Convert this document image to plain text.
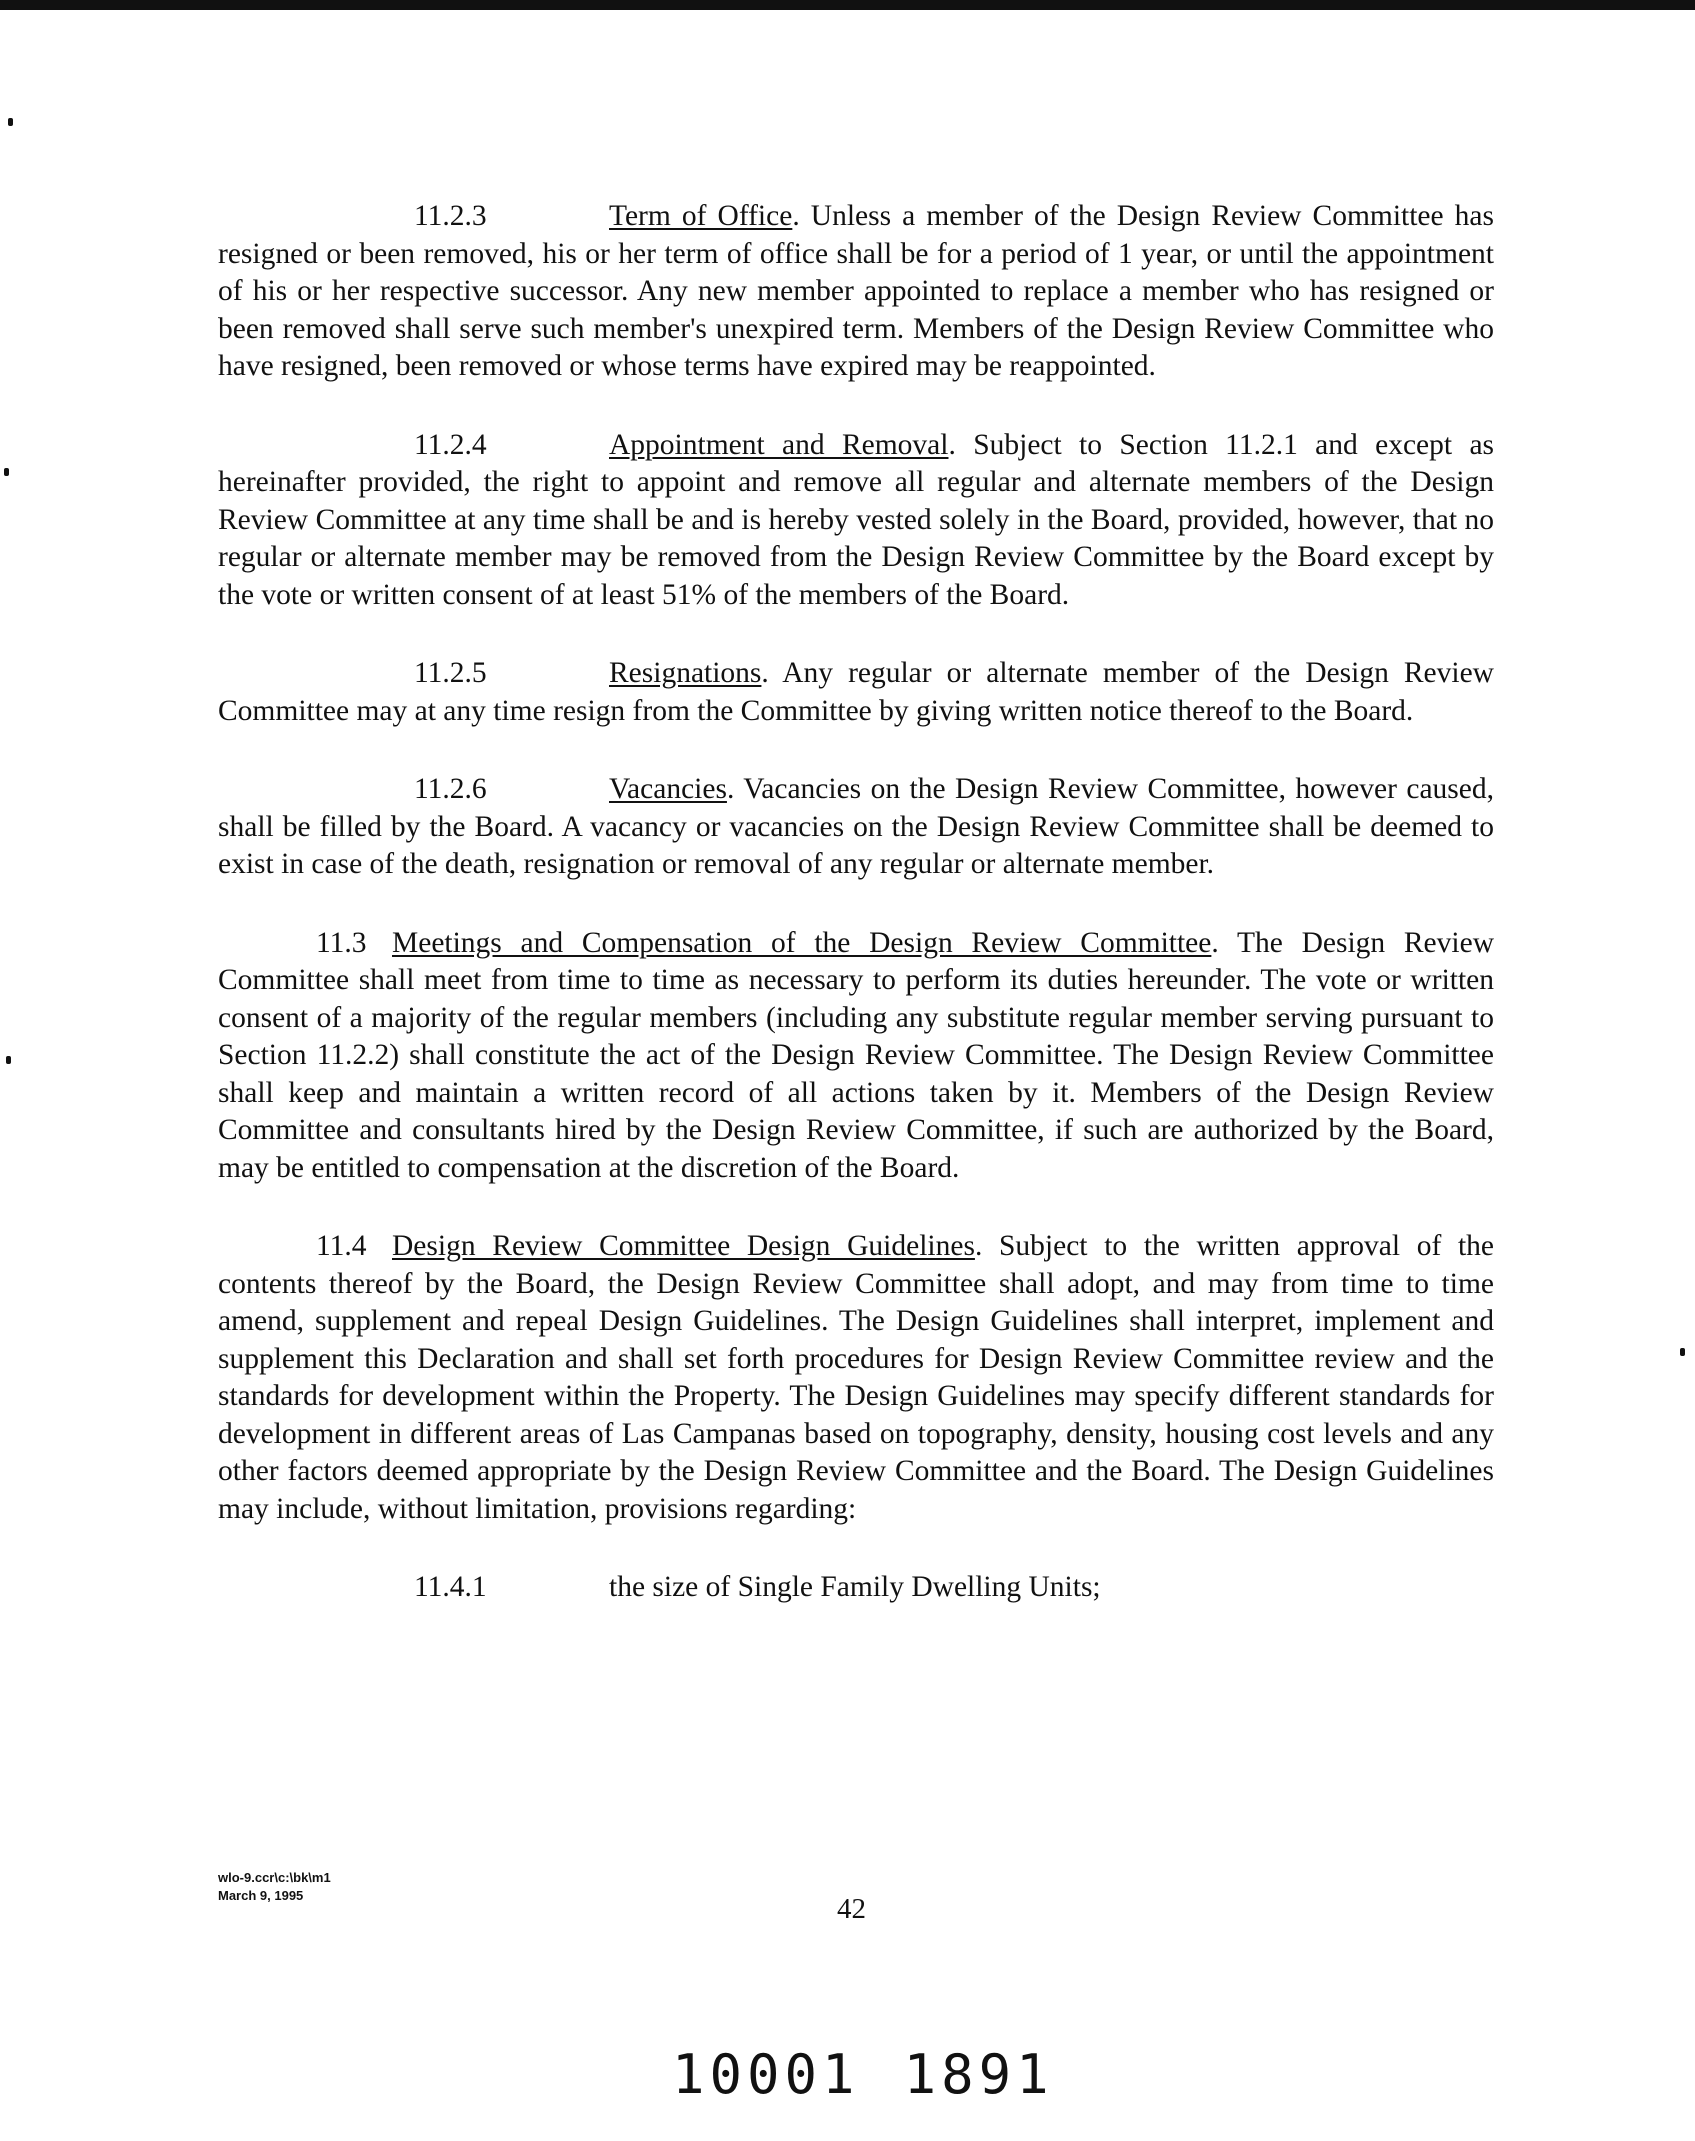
11.2.3	Term of Office. Unless a member of the Design Review Committee has resigned or been removed, his or her term of office shall be for a period of 1 year, or until the appointment of his or her respective successor. Any new member appointed to replace a member who has resigned or been removed shall serve such member's unexpired term. Members of the Design Review Committee who have resigned, been removed or whose terms have expired may be reappointed.

11.2.4	Appointment and Removal. Subject to Section 11.2.1 and except as hereinafter provided, the right to appoint and remove all regular and alternate members of the Design Review Committee at any time shall be and is hereby vested solely in the Board, provided, however, that no regular or alternate member may be removed from the Design Review Committee by the Board except by the vote or written consent of at least 51% of the members of the Board.

11.2.5	Resignations. Any regular or alternate member of the Design Review Committee may at any time resign from the Committee by giving written notice thereof to the Board.

11.2.6	Vacancies. Vacancies on the Design Review Committee, however caused, shall be filled by the Board. A vacancy or vacancies on the Design Review Committee shall be deemed to exist in case of the death, resignation or removal of any regular or alternate member.

11.3 Meetings and Compensation of the Design Review Committee. The Design Review Committee shall meet from time to time as necessary to perform its duties hereunder. The vote or written consent of a majority of the regular members (including any substitute regular member serving pursuant to Section 11.2.2) shall constitute the act of the Design Review Committee. The Design Review Committee shall keep and maintain a written record of all actions taken by it. Members of the Design Review Committee and consultants hired by the Design Review Committee, if such are authorized by the Board, may be entitled to compensation at the discretion of the Board.

11.4 Design Review Committee Design Guidelines. Subject to the written approval of the contents thereof by the Board, the Design Review Committee shall adopt, and may from time to time amend, supplement and repeal Design Guidelines. The Design Guidelines shall interpret, implement and supplement this Declaration and shall set forth procedures for Design Review Committee review and the standards for development within the Property. The Design Guidelines may specify different standards for development in different areas of Las Campanas based on topography, density, housing cost levels and any other factors deemed appropriate by the Design Review Committee and the Board. The Design Guidelines may include, without limitation, provisions regarding:

11.4.1	the size of Single Family Dwelling Units;

wlo-9.ccr\c:\bk\m1
March 9, 1995	42
10001 1891
